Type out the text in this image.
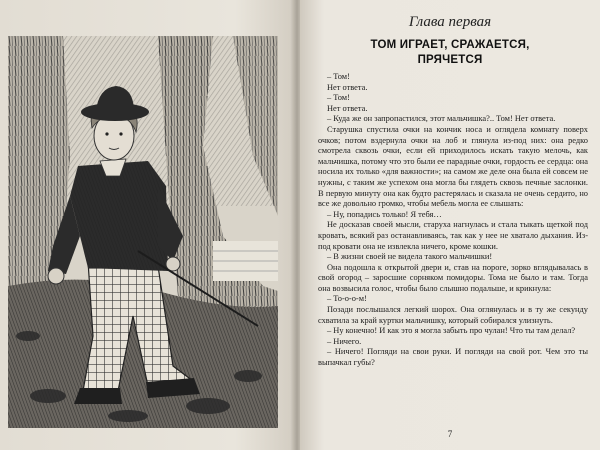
Глава первая
ТОМ ИГРАЕТ, СРАЖАЕТСЯ,
ПРЯЧЕТСЯ

– Том!

Нет ответа.

– Том!

Нет ответа.

– Куда же он запропастился, этот мальчишка?.. Том! Нет ответа.

Старушка спустила очки на кончик носа и оглядела комнату поверх очков; потом вздернула очки на лоб и глянула из-под них: она редко смотрела сквозь очки, если ей приходилось искать такую мелочь, как мальчишка, потому что это были ее парадные очки, гордость ее сердца: она носила их только «для важности»; на самом же деле она была ей совсем не нужны, с таким же успехом она могла бы глядеть сквозь печные заслонки. В первую минуту она как будто растерялась и сказала не очень сердито, но все же довольно громко, чтобы мебель могла ее слышать:

– Ну, попадись только! Я тебя…

Не досказав своей мысли, старуха нагнулась и стала тыкать щеткой под кровать, всякий раз останавливаясь, так как у нее не хватало дыхания. Из-под кровати она не извлекла ничего, кроме кошки.

– В жизни своей не видела такого мальчишки!

Она подошла к открытой двери и, став на пороге, зорко вглядывалась в свой огород – заросшие сорняком помидоры. Тома не было и там. Тогда она возвысила голос, чтобы было слышно подальше, и крикнула:

– То-о-о-м!

Позади послышался легкий шорох. Она оглянулась и в ту же секунду схватила за край куртки мальчишку, который собирался улизнуть.

– Ну конечно! И как это я могла забыть про чулан! Что ты там делал?

– Ничего.

– Ничего! Погляди на свои руки. И погляди на свой рот. Чем это ты выпачкал губы?

7
